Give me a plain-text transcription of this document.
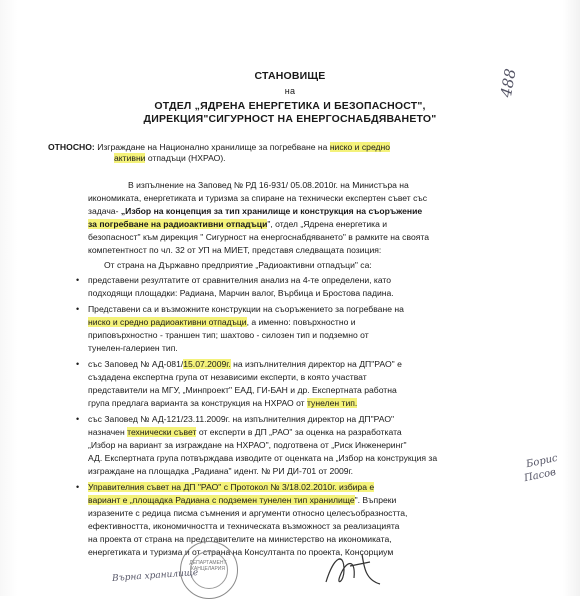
СТАНОВИЩЕ
на
ОТДЕЛ „ЯДРЕНА ЕНЕРГЕТИКА И БЕЗОПАСНОСТ",
ДИРЕКЦИЯ"СИГУРНОСТ НА ЕНЕРГОСНАБДЯВАНЕТО"
488
ОТНОСНО: Изграждане на Национално хранилище за погребване на ниско и средно
активни отпадъци (НХРАО).
В изпълнение на Заповед № РД 16-931/ 05.08.2010г. на Министъра на
икономиката, енергетиката и туризма за спиране на технически експертен съвет със
задача- „Избор на концепция за тип хранилище и конструкция на съоръжение
за погребване на радиоактивни отпадъци", отдел „Ядрена енергетика и
безопасност" към дирекция " Сигурност на енергоснабдяването" в рамките на своята
компетентност по чл. 32 от УП на МИЕТ, представя следващата позиция:
От страна на Държавно предприятие „Радиоактивни отпадъци" са:
• представени резултатите от сравнителния анализ на 4-те определени, като
подходящи площадки: Радиана, Марчин валог, Върбица и Бростова падина.
• Представени са и възможните конструкции на съоръжението за погребване на
ниско и средно радиоактивни отпадъци, а именно: повърхностно и
приповърхностно - траншен тип; шахтово - силозен тип и подземно от
тунелен-галериен тип.
• със Заповед № АД-081/15.07.2009г. на изпълнителния директор на ДП"РАО" е
създадена експертна група от независими експерти, в която участват
представители на МГУ, „Минпроект" ЕАД, ГИ-БАН и др. Експертната работна
група предлага варианта за конструкция на НХРАО от тунелен тип.
• със Заповед № АД-121/23.11.2009г. на изпълнителния директор на ДП"РАО"
назначен технически съвет от експерти в ДП „РАО" за оценка на разработката
„Избор на вариант за изграждане на НХРАО", подготвена от „Риск Инженеринг"
АД. Експертната група потвърждава изводите от оценката на „Избор на конструкция за
изграждане на площадка „Радиана" идент. № РИ ДИ-701 от 2009г.
• Управителния съвет на ДП "РАО" с Протокол № 3/18.02.2010г. избира е
вариант е „площадка Радиана с подземен тунелен тип хранилище". Въпреки
изразените с редица писма съмнения и аргументи относно целесъобразността,
ефективността, икономичността и техническата възможност за реализацията
на проекта от страна на представителите на министерство на икономиката,
енергетиката и туризма и от страна на Консултанта по проекта, Консорциум
Борис
Пасов
ДЕПАРТАМЕНТ КАНЦЕЛАРИЯ
Върна хранилище
